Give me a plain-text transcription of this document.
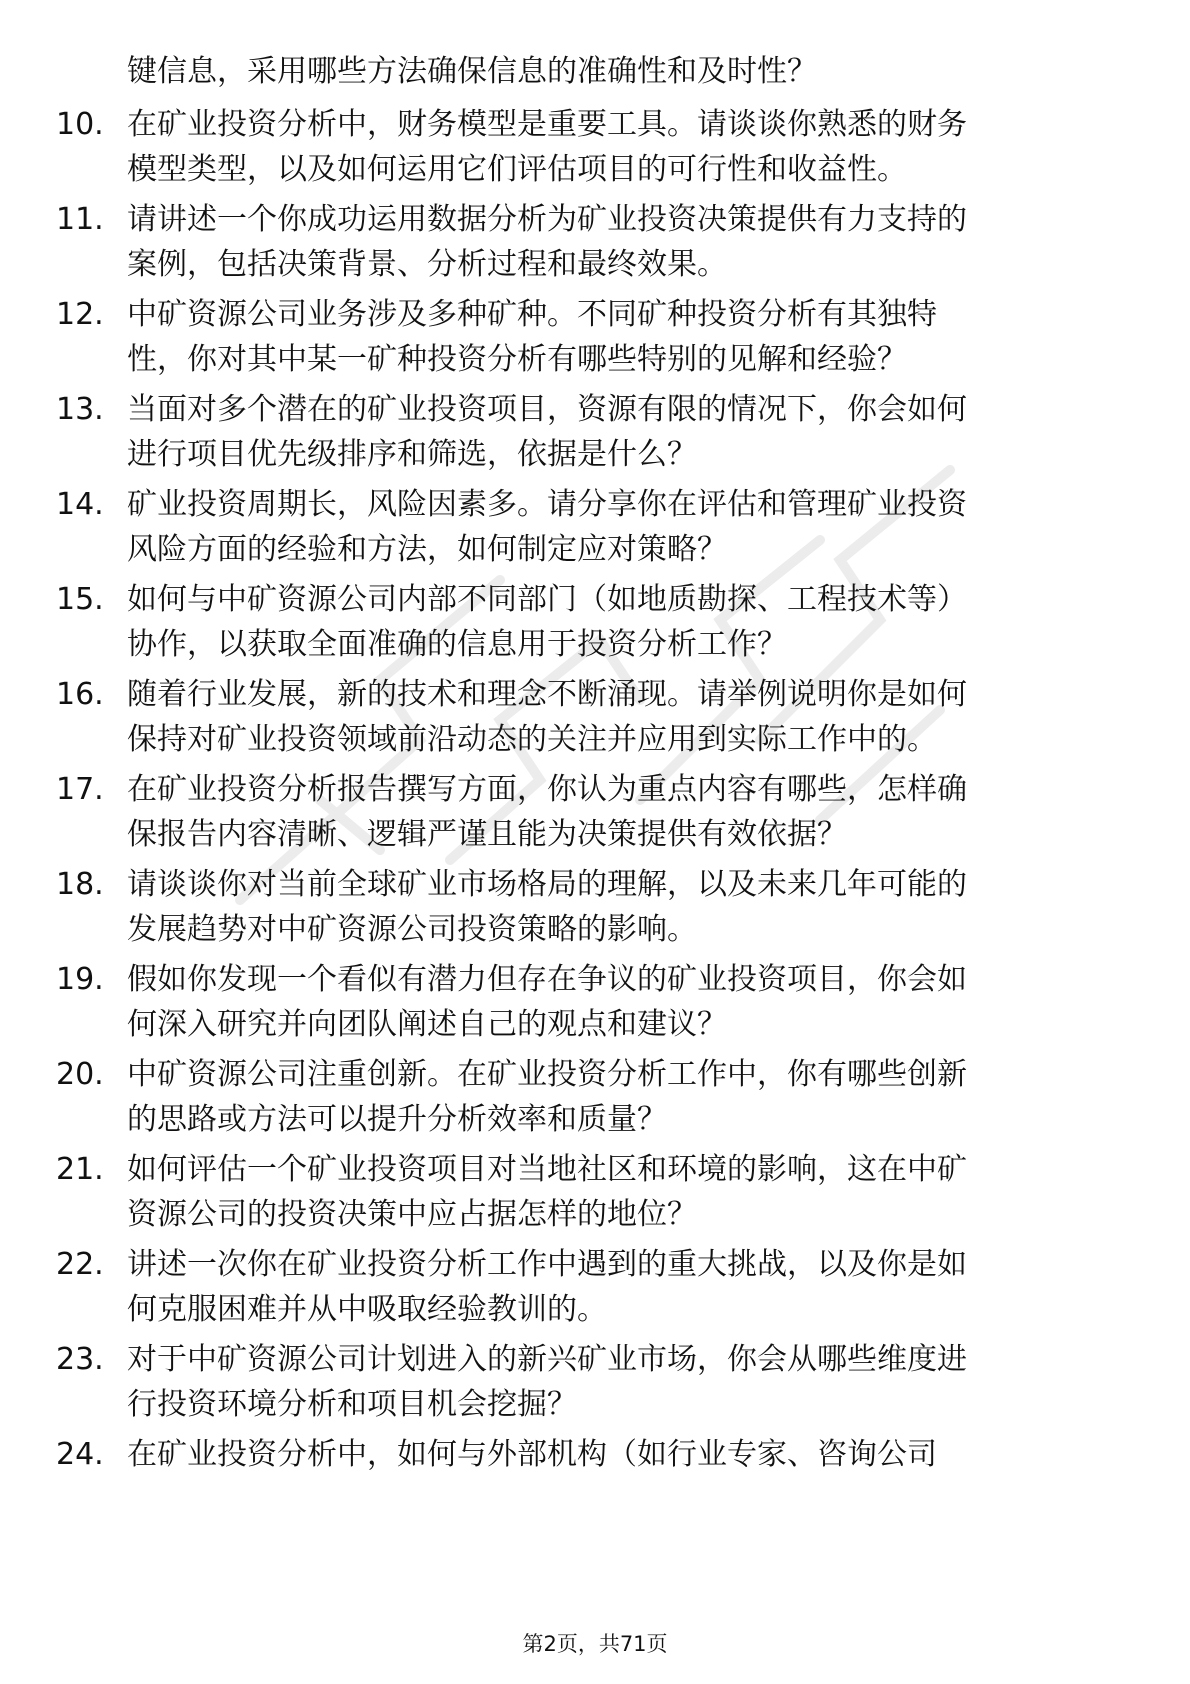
键信息，采用哪些方法确保信息的准确性和及时性？
10. 在矿业投资分析中，财务模型是重要工具。请谈谈你熟悉的财务
模型类型，以及如何运用它们评估项目的可行性和收益性。
11. 请讲述一个你成功运用数据分析为矿业投资决策提供有力支持的
案例，包括决策背景、分析过程和最终效果。
12. 中矿资源公司业务涉及多种矿种。不同矿种投资分析有其独特
性，你对其中某一矿种投资分析有哪些特别的见解和经验？
13. 当面对多个潜在的矿业投资项目，资源有限的情况下，你会如何
进行项目优先级排序和筛选，依据是什么？
14. 矿业投资周期长，风险因素多。请分享你在评估和管理矿业投资
风险方面的经验和方法，如何制定应对策略？
15. 如何与中矿资源公司内部不同部门（如地质勘探、工程技术等）
协作，以获取全面准确的信息用于投资分析工作？
16. 随着行业发展，新的技术和理念不断涌现。请举例说明你是如何
保持对矿业投资领域前沿动态的关注并应用到实际工作中的。
17. 在矿业投资分析报告撰写方面，你认为重点内容有哪些，怎样确
保报告内容清晰、逻辑严谨且能为决策提供有效依据？
18. 请谈谈你对当前全球矿业市场格局的理解，以及未来几年可能的
发展趋势对中矿资源公司投资策略的影响。
19. 假如你发现一个看似有潜力但存在争议的矿业投资项目，你会如
何深入研究并向团队阐述自己的观点和建议？
20. 中矿资源公司注重创新。在矿业投资分析工作中，你有哪些创新
的思路或方法可以提升分析效率和质量？
21. 如何评估一个矿业投资项目对当地社区和环境的影响，这在中矿
资源公司的投资决策中应占据怎样的地位？
22. 讲述一次你在矿业投资分析工作中遇到的重大挑战，以及你是如
何克服困难并从中吸取经验教训的。
23. 对于中矿资源公司计划进入的新兴矿业市场，你会从哪些维度进
行投资环境分析和项目机会挖掘？
24. 在矿业投资分析中，如何与外部机构（如行业专家、咨询公司
第2页，共71页
